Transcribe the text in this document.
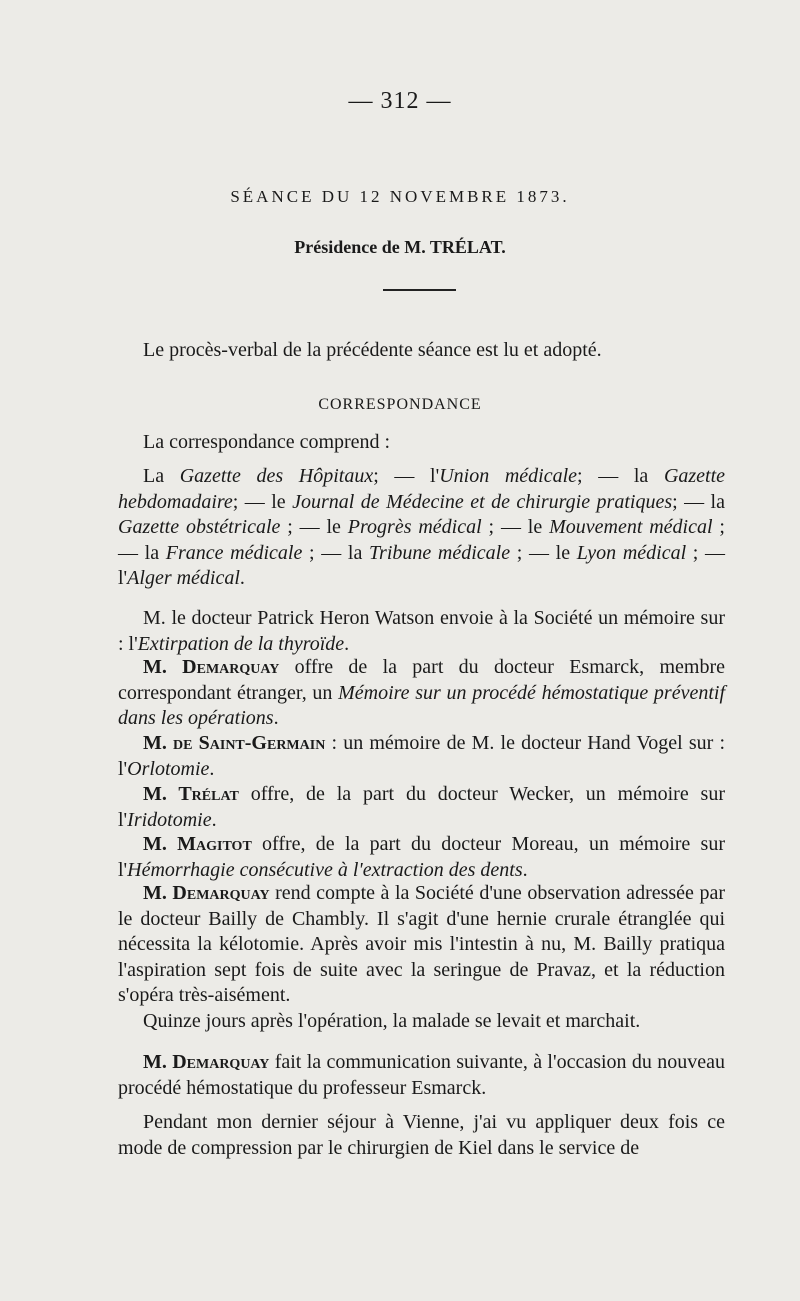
— 312 —
SÉANCE DU 12 NOVEMBRE 1873.
Présidence de M. TRÉLAT.
Le procès-verbal de la précédente séance est lu et adopté.
CORRESPONDANCE

La correspondance comprend :

La Gazette des Hôpitaux; — l'Union médicale; — la Gazette hebdomadaire; — le Journal de Médecine et de chirurgie pratiques; — la Gazette obstétricale ; — le Progrès médical ; — le Mouvement médical ; — la France médicale ; — la Tribune médicale ; — le Lyon médical ; — l'Alger médical.

M. le docteur Patrick Heron Watson envoie à la Société un mémoire sur : l'Extirpation de la thyroïde.

M. Demarquay offre de la part du docteur Esmarck, membre correspondant étranger, un Mémoire sur un procédé hémostatique préventif dans les opérations.

M. de Saint-Germain : un mémoire de M. le docteur Hand Vogel sur : l'Orlotomie.

M. Trélat offre, de la part du docteur Wecker, un mémoire sur l'Iridotomie.

M. Magitot offre, de la part du docteur Moreau, un mémoire sur l'Hémorrhagie consécutive à l'extraction des dents.

M. Demarquay rend compte à la Société d'une observation adressée par le docteur Bailly de Chambly. Il s'agit d'une hernie crurale étranglée qui nécessita la kélotomie. Après avoir mis l'intestin à nu, M. Bailly pratiqua l'aspiration sept fois de suite avec la seringue de Pravaz, et la réduction s'opéra très-aisément.

Quinze jours après l'opération, la malade se levait et marchait.

M. Demarquay fait la communication suivante, à l'occasion du nouveau procédé hémostatique du professeur Esmarck.

Pendant mon dernier séjour à Vienne, j'ai vu appliquer deux fois ce mode de compression par le chirurgien de Kiel dans le service de
